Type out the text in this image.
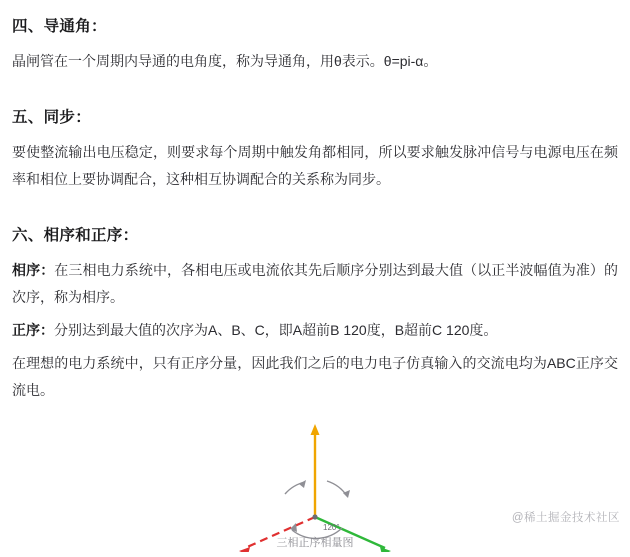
四、导通角：

晶闸管在一个周期内导通的电角度，称为导通角，用θ表示。θ=pi-α。

五、同步：

要使整流输出电压稳定，则要求每个周期中触发角都相同，所以要求触发脉冲信号与电源电压在频率和相位上要协调配合，这种相互协调配合的关系称为同步。

六、相序和正序：

相序：在三相电力系统中，各相电压或电流依其先后顺序分别达到最大值（以正半波幅值为准）的次序，称为相序。

正序：分别达到最大值的次序为A、B、C，即A超前B 120度，B超前C 120度。

在理想的电力系统中，只有正序分量，因此我们之后的电力电子仿真输入的交流电均为ABC正序交流电。

120°
三相正序相量图
@稀土掘金技术社区
